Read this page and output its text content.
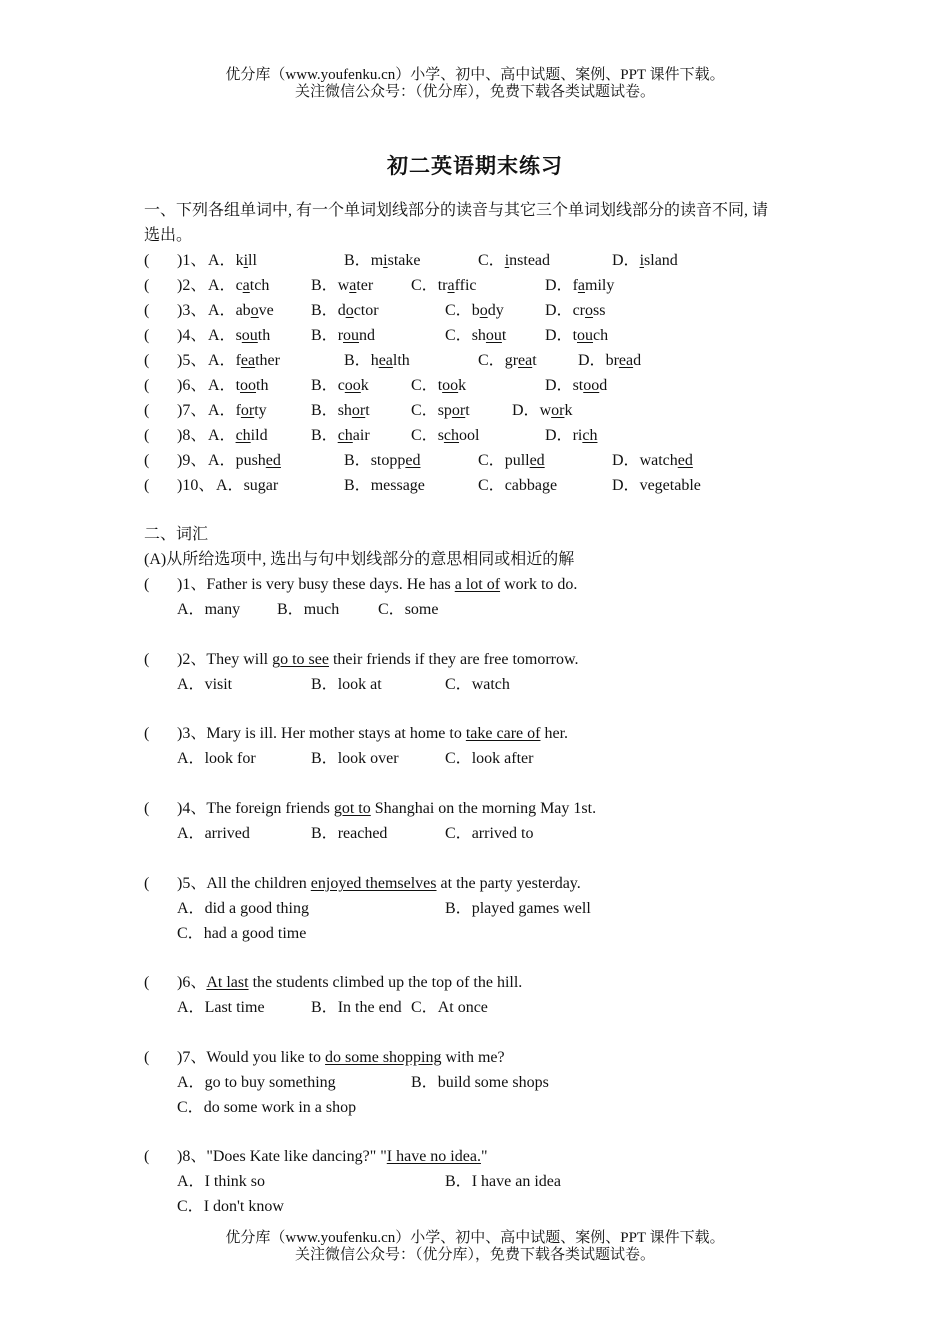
优分库（www.youfenku.cn）小学、初中、高中试题、案例、PPT 课件下载。
关注微信公众号：（优分库），免费下载各类试题试卷。
初二英语期末练习
一、下列各组单词中, 有一个单词划线部分的读音与其它三个单词划线部分的读音不同, 请
选出。
二、词汇
(A)从所给选项中, 选出与句中划线部分的意思相同或相近的解
( )1、 A．kill	B．mistake	C．instead	D．island
( )2、 A．catch	B．water C．traffic	D．family
( )3、 A．above B．doctor	C．body	D．cross
( )4、 A．south	B．round	C．shout D．touch
( )5、 A．feather	B．health	C．great	D．bread
( )6、 A．tooth	B．cook	C．took	D．stood
( )7、 A．forty	B．short	C．sport	D．work
( )8、 A．child	B．chair	C．school	D．rich
( )9、 A．pushed	B．stopped	C．pulled	D．watched
( )10、 A．sugar	B．message	C．cabbage	D．vegetable
( )1、Father is very busy these days. He has a lot of work to do.
A．many B．much C．some
( )2、They will go to see their friends if they are free tomorrow.
A．visit	B．look at	C．watch
( )3、Mary is ill. Her mother stays at home to take care of her.
A．look for	B．look over	C．look after
( )4、The foreign friends got to Shanghai on the morning May 1st.
A．arrived	B．reached	C．arrived to
( )5、All the children enjoyed themselves at the party yesterday.
A．did a good thing	B．played games well
C．had a good time
( )6、At last the students climbed up the top of the hill.
A．Last time	B．In the end C．At once
( )7、Would you like to do some shopping with me?
A．go to buy something	B．build some shops
C．do some work in a shop
( )8、"Does Kate like dancing?" "I have no idea."
A．I think so	B．I have an idea
C．I don't know
优分库（www.youfenku.cn）小学、初中、高中试题、案例、PPT 课件下载。
关注微信公众号：（优分库），免费下载各类试题试卷。
